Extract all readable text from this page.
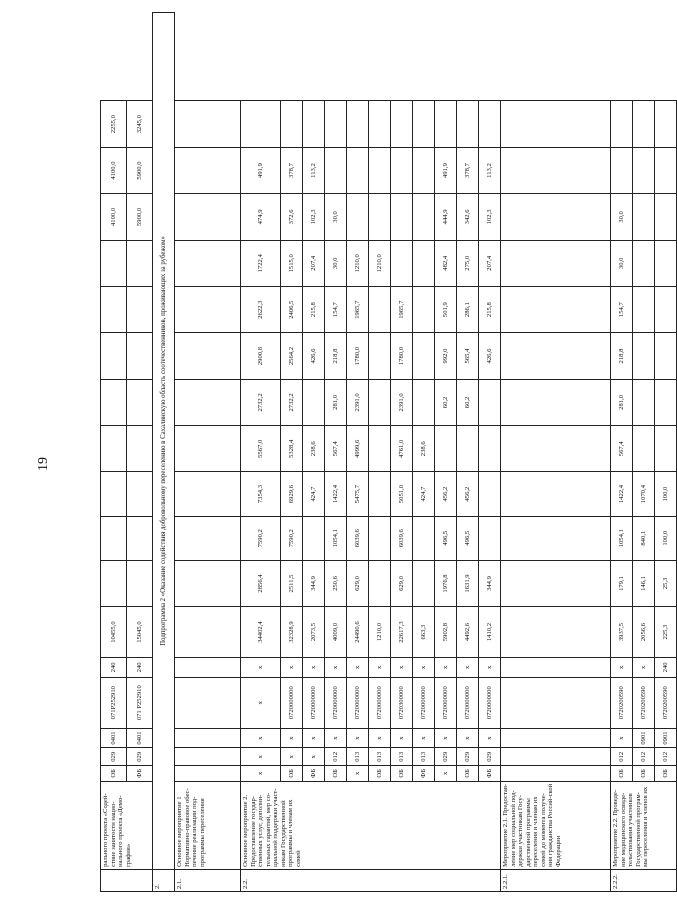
19
	рального проекта «Содей-ствие занятости нацио-нального проекта «Демо-графия»	ОБ	029	0401	071P252910	240	10455,0									4100,0	4100,0	2255,0
		ФБ	029	0401	071 P252910	240	15045,0									5900,0	5900,0	3245,0
2.	Подпрограмма 2 «Оказание содействия добровольному переселению в Сахалинскую область соотечественников, проживающих за рубежом»																	
2.1.	Основное мероприятие 1 Нормативно-правовое обес-печение реализации под-программы переселения																	
2.2.	Основное мероприятие 2. Предоставление государ-ственных услуг, дополни-тельных гарантий, мер со-циальной поддержки участ-никам Государственной программы и членам их семей	х	х	х	х	х	34402,4	2856,4	7590,2	7354,3	5567,0	2732,2	2900,8	2622,3	1722,4	474,9	491,9	
		ОБ	х	х	0720000000	х	32328,9	2511,5	7590,2	6929,6	5328,4	2732,2	2564,2	2406,5	1515,0	372,6	378,7	
		ФБ	х	х	0720000000	х	2073,5	344,9		424,7	238,6		426,6	215,8	207,4	102,3	113,2	
		ОБ	012	х	0720000000	х	4009,0	250,6	1054,1	1422,4	567,4	281,0	218,8	154,7	30,0	30,0		
		х	013	х	0720000000	х	24490,6	629,0	6039,6	5475,7	4999,6	2391,0	1780,0	1965,7	1210,0			
		ОБ	013	х	0720000000	х	1210,0								1210,0			
		ОБ	013	х	0720300000	х	22617,3	629,0	6039,6	5051,0	4761,0	2391,0	1780,0	1965,7				
		ФБ	013	х	0720000000	х	663,3			424,7	238,6							
		х	029	х	0720000000	х	5902,8	1976,8	496,5	456,2		60,2	992,0	501,9	482,4	444,9	491,9	
		ОБ	029	х	0720000000	х	4492,6	1631,9	496,5	456,2		60,2	565,4	286,1	275,0	342,6	378,7	
		ФБ	029	х	0720000000	х	1410,2	344,9					426,6	215,8	207,4	102,3	113,2	
2.2.1.	Мероприятие 2.1. Предостав-ление мер социальной под-держки участникам Госу-дарственной программы переселения и членам их семей до момента получе-ния гражданства Россий-ской Федерации																	
2.2.2.	Мероприятие 2.2. Проведе-ние медицинского освиде-тельствования участников Государственной програм-мы переселения и членов их	ОБ	012	х	0720200590	х	3937,5	179,1	1054,1	1422,4	567,4	281,0	218,8	154,7	30,0	30,0		
		ОБ	012	0901	0720200590	х	2056,6	146,1	840,1	1070,4								
		ОБ	012	0901	0720200590	240	225,3	25,3	100,0	100,0								
